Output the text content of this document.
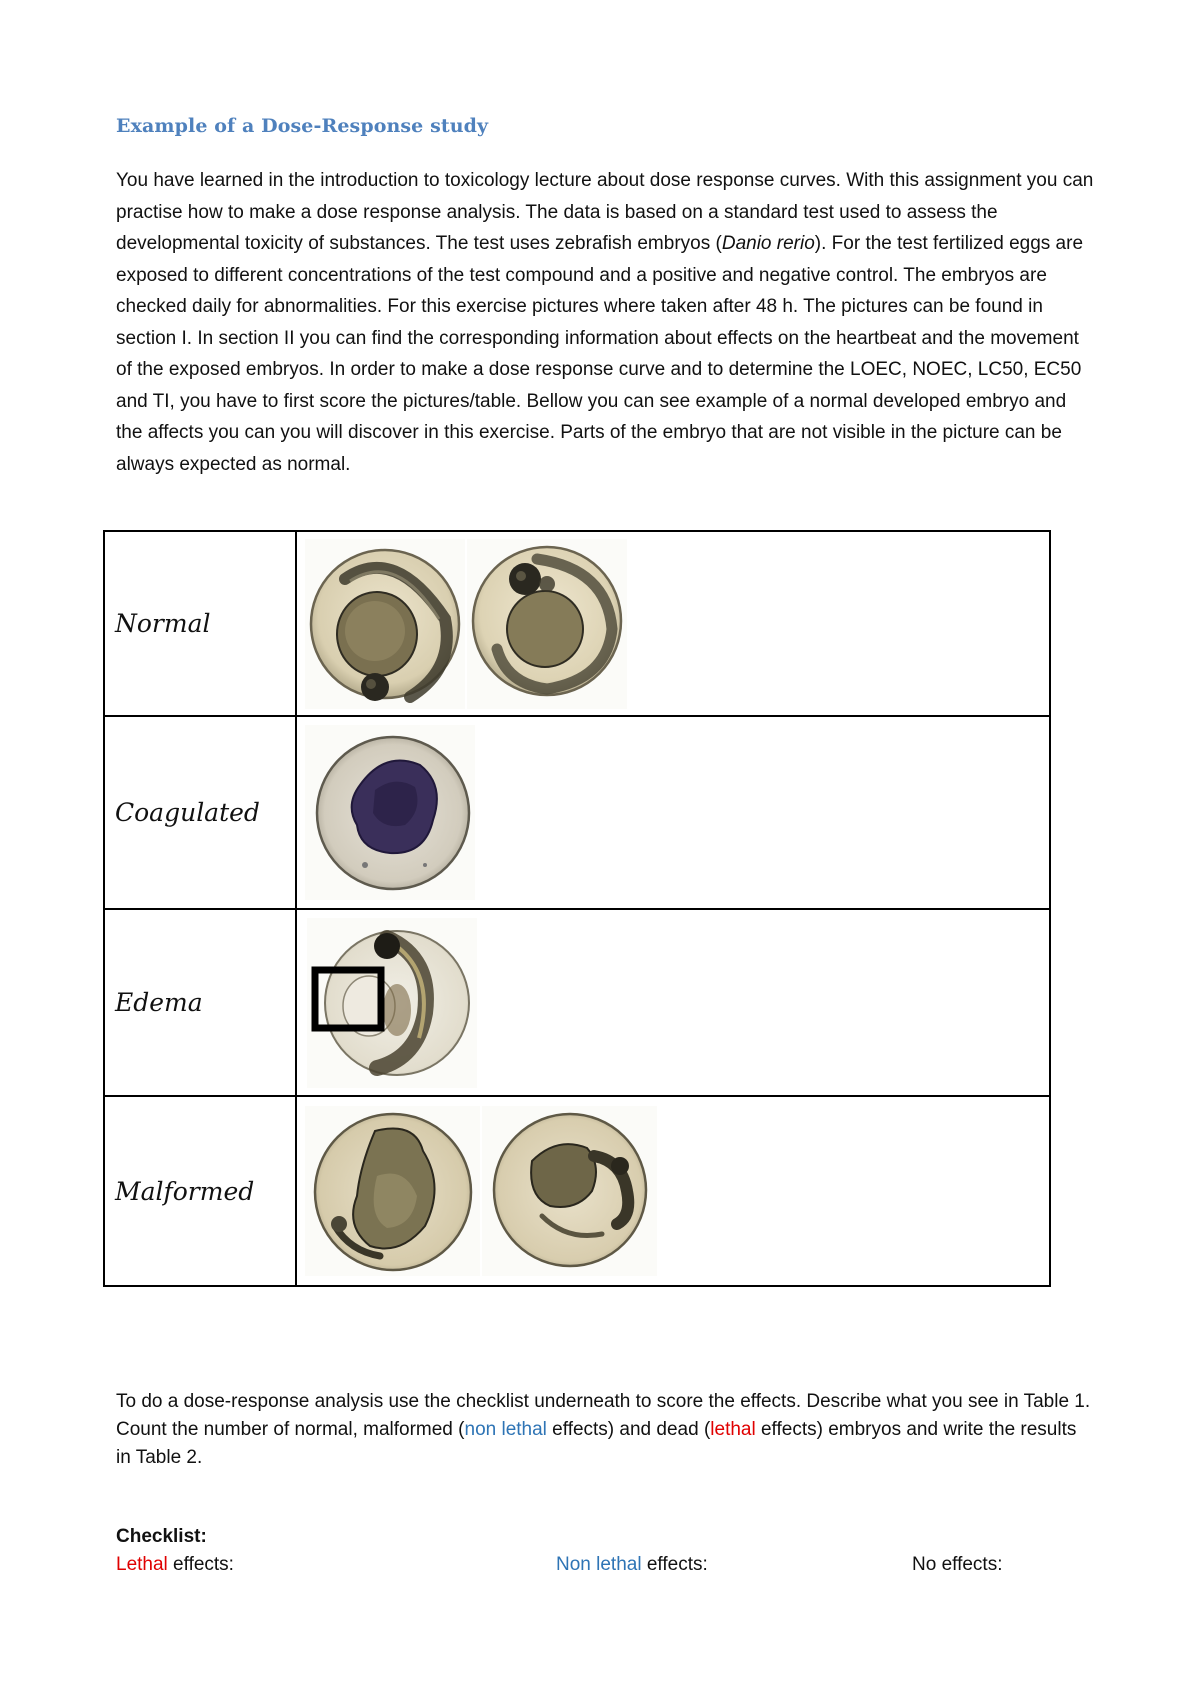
Example of a Dose-Response study

You have learned in the introduction to toxicology lecture about dose response curves. With this assignment you can practise how to make a dose response analysis. The data is based on a standard test used to assess the developmental toxicity of substances. The test uses zebrafish embryos (Danio rerio). For the test fertilized eggs are exposed to different concentrations of the test compound and a positive and negative control. The embryos are checked daily for abnormalities. For this exercise pictures where taken after 48 h. The pictures can be found in section I. In section II you can find the corresponding information about effects on the heartbeat and the movement of the exposed embryos. In order to make a dose response curve and to determine the LOEC, NOEC, LC50, EC50 and TI, you have to first score the pictures/table. Bellow you can see example of a normal developed embryo and the affects you can you will discover in this exercise. Parts of the embryo that are not visible in the picture can be always expected as normal.

Normal	

Coagulated	

Edema	

Malformed	

To do a dose-response analysis use the checklist underneath to score the effects. Describe what you see in Table 1. Count the number of normal, malformed (non lethal effects) and dead (lethal effects) embryos and write the results in Table 2.

Checklist:

Lethal effects:	Non lethal effects:	No effects:
